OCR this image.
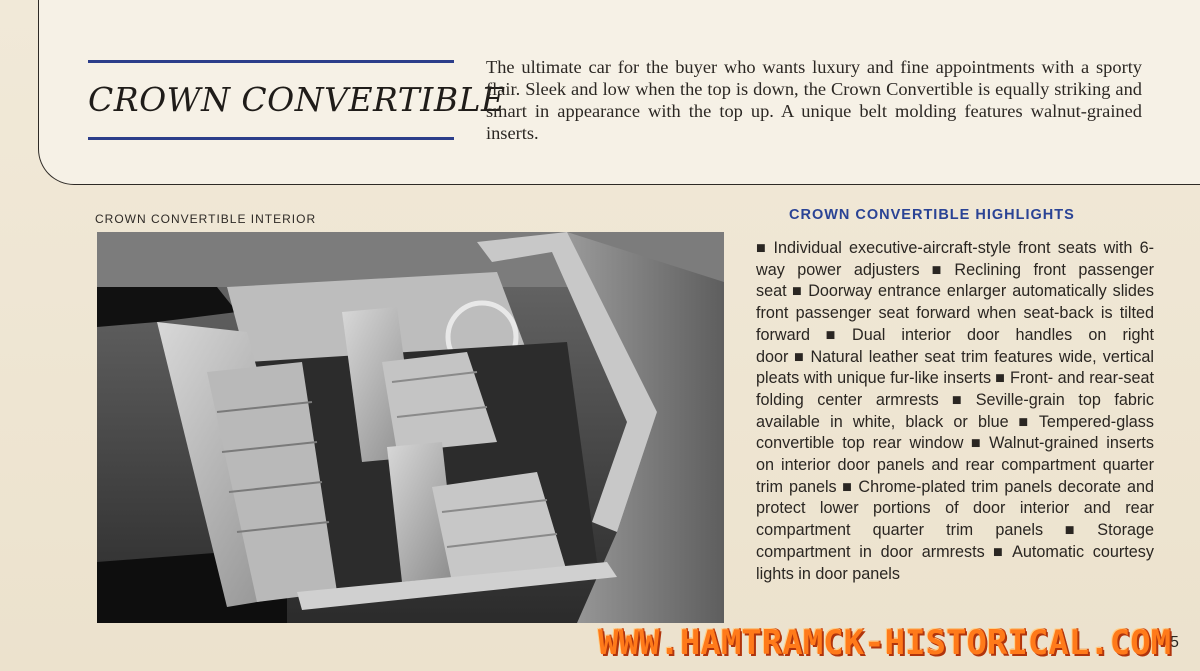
CROWN CONVERTIBLE

The ultimate car for the buyer who wants luxury and fine appointments with a sporty flair. Sleek and low when the top is down, the Crown Convertible is equally striking and smart in appearance with the top up. A unique belt molding features walnut-grained inserts.

CROWN CONVERTIBLE INTERIOR	CROWN CONVERTIBLE HIGHLIGHTS

■ Individual executive-aircraft-style front seats with 6-way power adjusters ■ Reclining front passenger seat ■ Doorway entrance enlarger automatically slides front passenger seat forward when seat-back is tilted forward ■ Dual interior door handles on right door ■ Natural leather seat trim features wide, vertical pleats with unique fur-like inserts ■ Front- and rear-seat folding center armrests ■ Seville-grain top fabric available in white, black or blue ■ Tempered-glass convertible top rear window ■ Walnut-grained inserts on interior door panels and rear compartment quarter trim panels ■ Chrome-plated trim panels decorate and protect lower portions of door interior and rear compartment quarter trim panels ■ Storage compartment in door armrests ■ Automatic courtesy lights in door panels

5
WWW.HAMTRAMCK-HISTORICAL.COM
